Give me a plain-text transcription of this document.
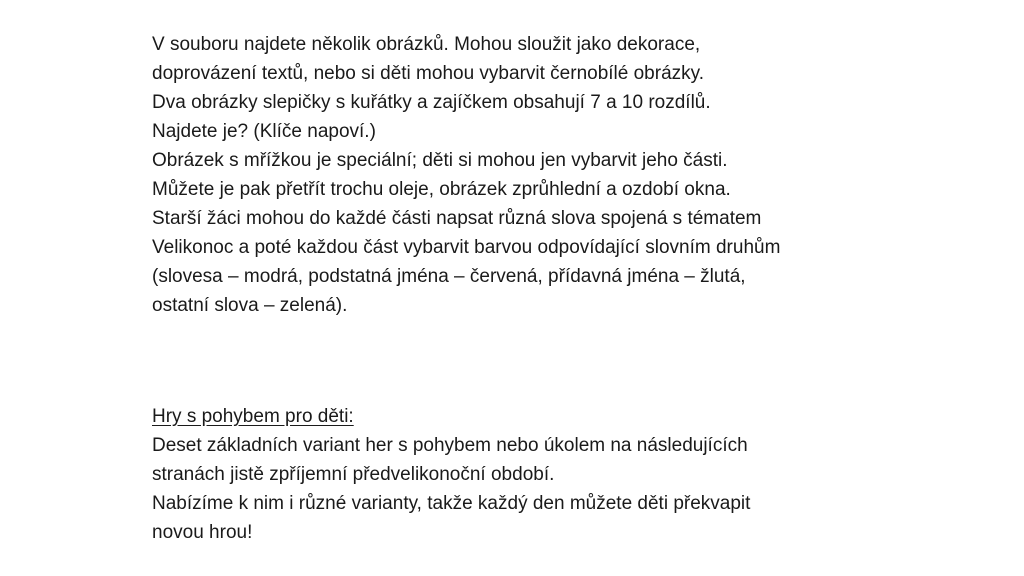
V souboru najdete několik obrázků. Mohou sloužit jako dekorace,
doprovázení textů, nebo si děti mohou vybarvit černobílé obrázky.
Dva obrázky slepičky s kuřátky a zajíčkem obsahují 7 a 10 rozdílů.
Najdete je? (Klíče napoví.)
Obrázek s mřížkou je speciální; děti si mohou jen vybarvit jeho části.
Můžete je pak přetřít trochu oleje, obrázek zprůhlední a ozdobí okna.
Starší žáci mohou do každé části napsat různá slova spojená s tématem
Velikonoc a poté každou část vybarvit barvou odpovídající slovním druhům
(slovesa – modrá, podstatná jména – červená, přídavná jména – žlutá,
ostatní slova – zelená).
Hry s pohybem pro děti:
Deset základních variant her s pohybem nebo úkolem na následujících
stranách jistě zpříjemní předvelikonoční období.
Nabízíme k nim i různé varianty, takže každý den můžete děti překvapit
novou hrou!
